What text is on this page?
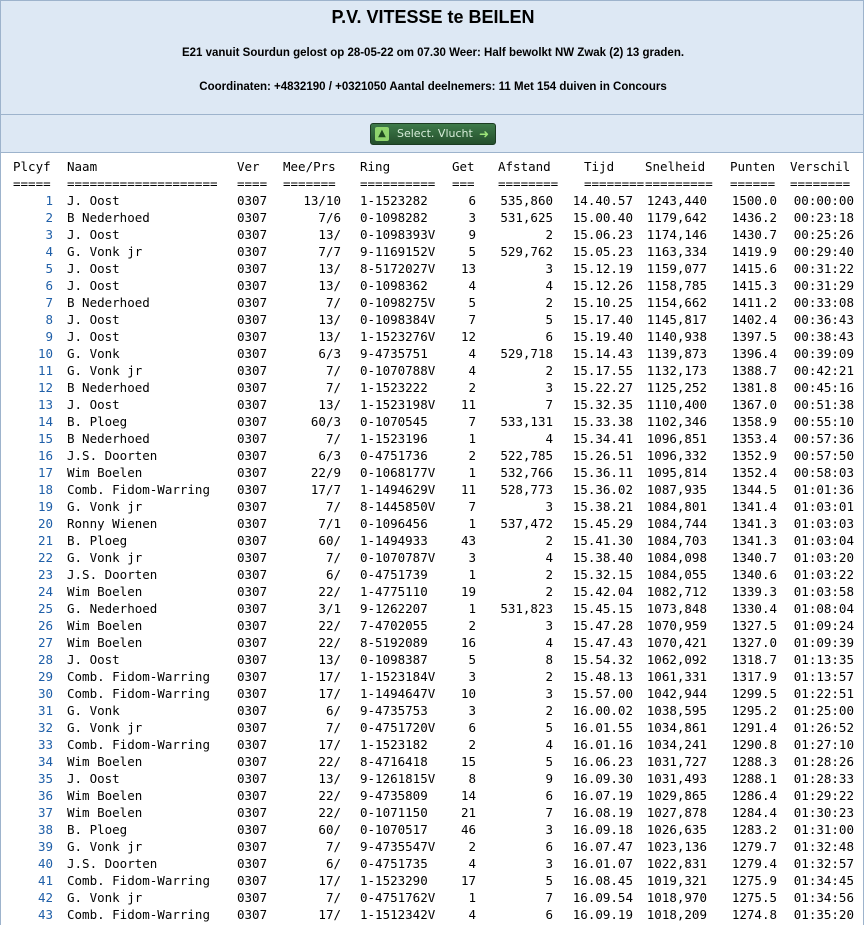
P.V. VITESSE te BEILEN
E21 vanuit Sourdun gelost op 28-05-22 om 07.30 Weer: Half bewolkt NW Zwak (2) 13 graden.
Coordinaten: +4832190 / +0321050 Aantal deelnemers: 11 Met 154 duiven in Concours
▲ Select. Vlucht ➜
Plcyf Naam	Ver Mee/Prs Ring	Get Afstand	Tijd Snelheid Punten Verschil
===== ==================== ==== ======= ========== === ======== ======== ========= ====== ========
1 J. Oost	0307	13/10 1-1523282	6	535,860	14.40.57	1243,440	1500.0	00:00:00
2 B Nederhoed	0307	7/6 0-1098282	3	531,625	15.00.40	1179,642	1436.2	00:23:18
3 J. Oost	0307	13/ 0-1098393V	9	2	15.06.23	1174,146	1430.7	00:25:26
4 G. Vonk jr	0307	7/7 9-1169152V	5	529,762	15.05.23	1163,334	1419.9	00:29:40
5 J. Oost	0307	13/ 8-5172027V	13	3	15.12.19	1159,077	1415.6	00:31:22
6 J. Oost	0307	13/ 0-1098362	4	4	15.12.26	1158,785	1415.3	00:31:29
7 B Nederhoed	0307	7/ 0-1098275V	5	2	15.10.25	1154,662	1411.2	00:33:08
8 J. Oost	0307	13/ 0-1098384V	7	5	15.17.40	1145,817	1402.4	00:36:43
9 J. Oost	0307	13/ 1-1523276V	12	6	15.19.40	1140,938	1397.5	00:38:43
10 G. Vonk	0307	6/3 9-4735751	4	529,718	15.14.43	1139,873	1396.4	00:39:09
11 G. Vonk jr	0307	7/ 0-1070788V	4	2	15.17.55	1132,173	1388.7	00:42:21
12 B Nederhoed	0307	7/ 1-1523222	2	3	15.22.27	1125,252	1381.8	00:45:16
13 J. Oost	0307	13/ 1-1523198V	11	7	15.32.35	1110,400	1367.0	00:51:38
14 B. Ploeg	0307	60/3 0-1070545	7	533,131	15.33.38	1102,346	1358.9	00:55:10
15 B Nederhoed	0307	7/ 1-1523196	1	4	15.34.41	1096,851	1353.4	00:57:36
16 J.S. Doorten	0307	6/3 0-4751736	2	522,785	15.26.51	1096,332	1352.9	00:57:50
17 Wim Boelen	0307	22/9 0-1068177V	1	532,766	15.36.11	1095,814	1352.4	00:58:03
18 Comb. Fidom-Warring	0307	17/7 1-1494629V	11	528,773	15.36.02	1087,935	1344.5	01:01:36
19 G. Vonk jr	0307	7/ 8-1445850V	7	3	15.38.21	1084,801	1341.4	01:03:01
20 Ronny Wienen	0307	7/1 0-1096456	1	537,472	15.45.29	1084,744	1341.3	01:03:03
21 B. Ploeg	0307	60/ 1-1494933	43	2	15.41.30	1084,703	1341.3	01:03:04
22 G. Vonk jr	0307	7/ 0-1070787V	3	4	15.38.40	1084,098	1340.7	01:03:20
23 J.S. Doorten	0307	6/ 0-4751739	1	2	15.32.15	1084,055	1340.6	01:03:22
24 Wim Boelen	0307	22/ 1-4775110	19	2	15.42.04	1082,712	1339.3	01:03:58
25 G. Nederhoed	0307	3/1 9-1262207	1	531,823	15.45.15	1073,848	1330.4	01:08:04
26 Wim Boelen	0307	22/ 7-4702055	2	3	15.47.28	1070,959	1327.5	01:09:24
27 Wim Boelen	0307	22/ 8-5192089	16	4	15.47.43	1070,421	1327.0	01:09:39
28 J. Oost	0307	13/ 0-1098387	5	8	15.54.32	1062,092	1318.7	01:13:35
29 Comb. Fidom-Warring	0307	17/ 1-1523184V	3	2	15.48.13	1061,331	1317.9	01:13:57
30 Comb. Fidom-Warring	0307	17/ 1-1494647V	10	3	15.57.00	1042,944	1299.5	01:22:51
31 G. Vonk	0307	6/ 9-4735753	3	2	16.00.02	1038,595	1295.2	01:25:00
32 G. Vonk jr	0307	7/ 0-4751720V	6	5	16.01.55	1034,861	1291.4	01:26:52
33 Comb. Fidom-Warring	0307	17/ 1-1523182	2	4	16.01.16	1034,241	1290.8	01:27:10
34 Wim Boelen	0307	22/ 8-4716418	15	5	16.06.23	1031,727	1288.3	01:28:26
35 J. Oost	0307	13/ 9-1261815V	8	9	16.09.30	1031,493	1288.1	01:28:33
36 Wim Boelen	0307	22/ 9-4735809	14	6	16.07.19	1029,865	1286.4	01:29:22
37 Wim Boelen	0307	22/ 0-1071150	21	7	16.08.19	1027,878	1284.4	01:30:23
38 B. Ploeg	0307	60/ 0-1070517	46	3	16.09.18	1026,635	1283.2	01:31:00
39 G. Vonk jr	0307	7/ 9-4735547V	2	6	16.07.47	1023,136	1279.7	01:32:48
40 J.S. Doorten	0307	6/ 0-4751735	4	3	16.01.07	1022,831	1279.4	01:32:57
41 Comb. Fidom-Warring	0307	17/ 1-1523290	17	5	16.08.45	1019,321	1275.9	01:34:45
42 G. Vonk jr	0307	7/ 0-4751762V	1	7	16.09.54	1018,970	1275.5	01:34:56
43 Comb. Fidom-Warring	0307	17/ 1-1512342V	4	6	16.09.19	1018,209	1274.8	01:35:20
